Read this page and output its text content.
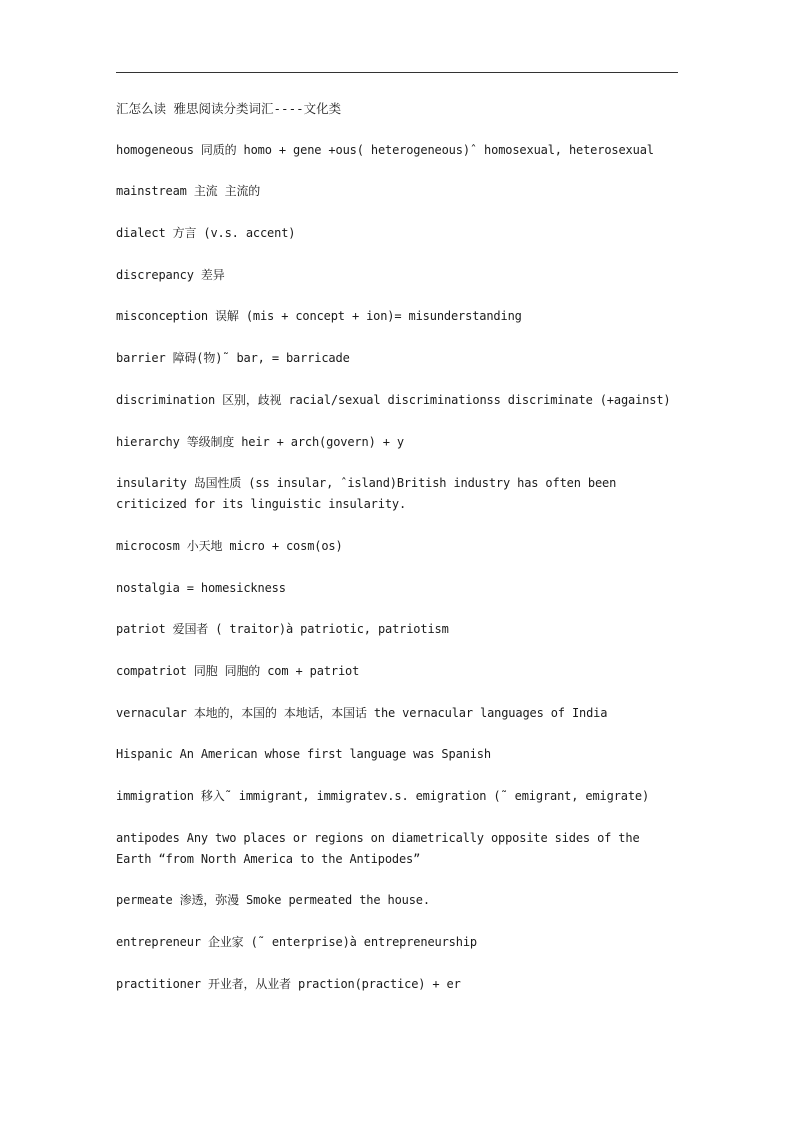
汇怎么读 雅思阅读分类词汇----文化类

homogeneous 同质的 homo + gene +ous( heterogeneous)ˆ homosexual, heterosexual

mainstream 主流 主流的

dialect 方言 (v.s. accent)

discrepancy 差异

misconception 误解 (mis + concept + ion)= misunderstanding

barrier 障碍(物)˜ bar, = barricade

discrimination 区别，歧视 racial/sexual discriminationss discriminate (+against)

hierarchy 等级制度 heir + arch(govern) + y

insularity 岛国性质 (ss insular, ˆisland)British industry has often been criticized for its linguistic insularity.

microcosm 小天地 micro + cosm(os)

nostalgia = homesickness

patriot 爱国者 ( traitor)à patriotic, patriotism

compatriot 同胞 同胞的 com + patriot

vernacular 本地的，本国的 本地话，本国话 the vernacular languages of India

Hispanic An American whose first language was Spanish

immigration 移入˜ immigrant, immigratev.s. emigration (˜ emigrant, emigrate)

antipodes Any two places or regions on diametrically opposite sides of the Earth “from North America to the Antipodes”

permeate 渗透，弥漫 Smoke permeated the house.

entrepreneur 企业家 (˜ enterprise)à entrepreneurship

practitioner 开业者，从业者 praction(practice) + er
